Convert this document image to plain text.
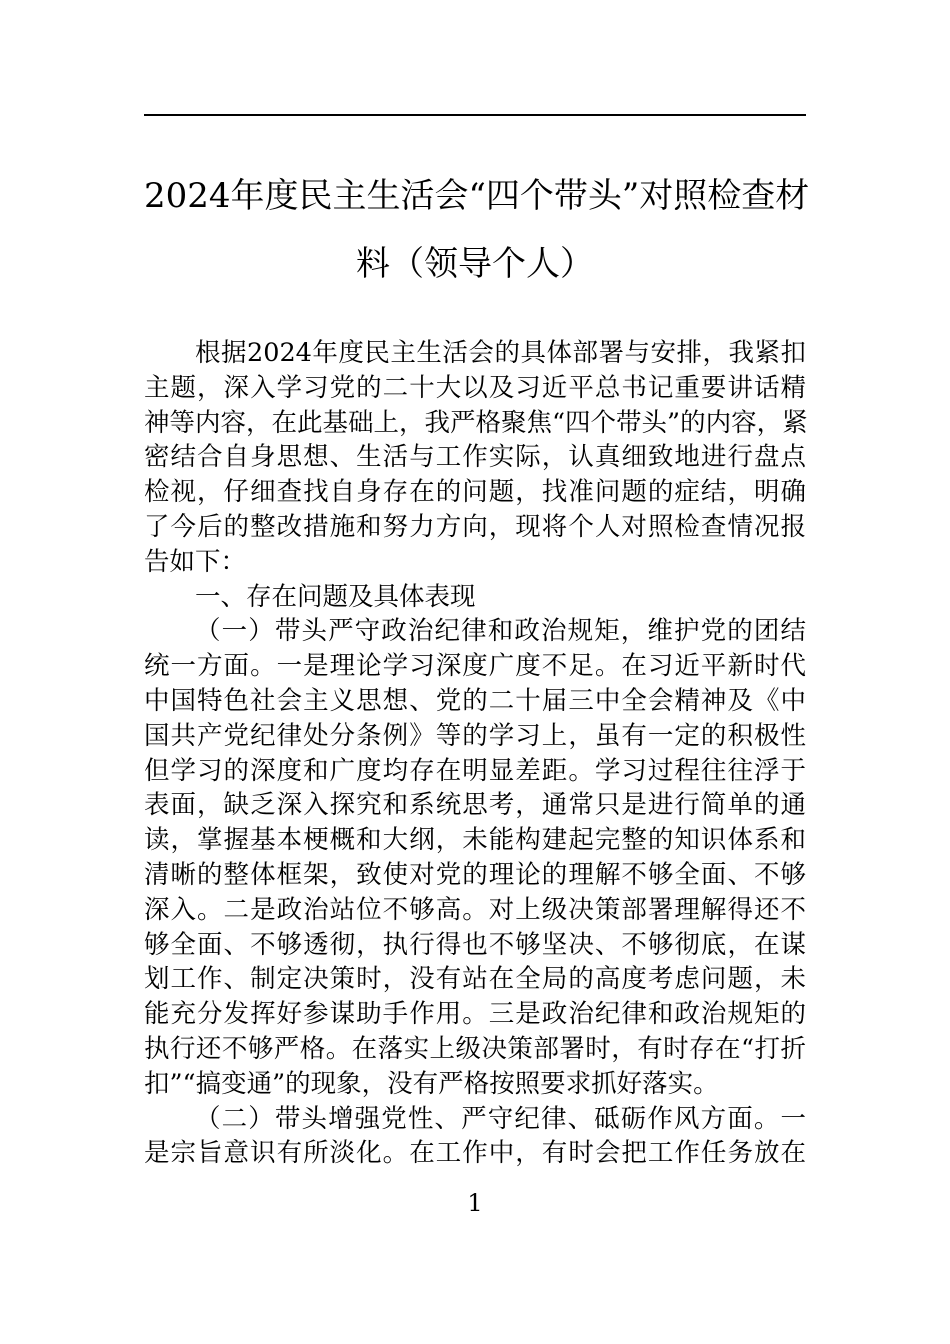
2024年度民主生活会“四个带头”对照检查材
料（领导个人）
根据2024年度民主生活会的具体部署与安排，我紧扣
主题，深入学习党的二十大以及习近平总书记重要讲话精
神等内容，在此基础上，我严格聚焦“四个带头”的内容，紧
密结合自身思想、生活与工作实际，认真细致地进行盘点
检视，仔细查找自身存在的问题，找准问题的症结，明确
了今后的整改措施和努力方向，现将个人对照检查情况报
告如下：
一、存在问题及具体表现
（一）带头严守政治纪律和政治规矩，维护党的团结
统一方面。一是理论学习深度广度不足。在习近平新时代
中国特色社会主义思想、党的二十届三中全会精神及《中
国共产党纪律处分条例》等的学习上，虽有一定的积极性
但学习的深度和广度均存在明显差距。学习过程往往浮于
表面，缺乏深入探究和系统思考，通常只是进行简单的通
读，掌握基本梗概和大纲，未能构建起完整的知识体系和
清晰的整体框架，致使对党的理论的理解不够全面、不够
深入。二是政治站位不够高。对上级决策部署理解得还不
够全面、不够透彻，执行得也不够坚决、不够彻底，在谋
划工作、制定决策时，没有站在全局的高度考虑问题，未
能充分发挥好参谋助手作用。三是政治纪律和政治规矩的
执行还不够严格。在落实上级决策部署时，有时存在“打折
扣”“搞变通”的现象，没有严格按照要求抓好落实。
（二）带头增强党性、严守纪律、砥砺作风方面。一
是宗旨意识有所淡化。在工作中，有时会把工作任务放在
1
